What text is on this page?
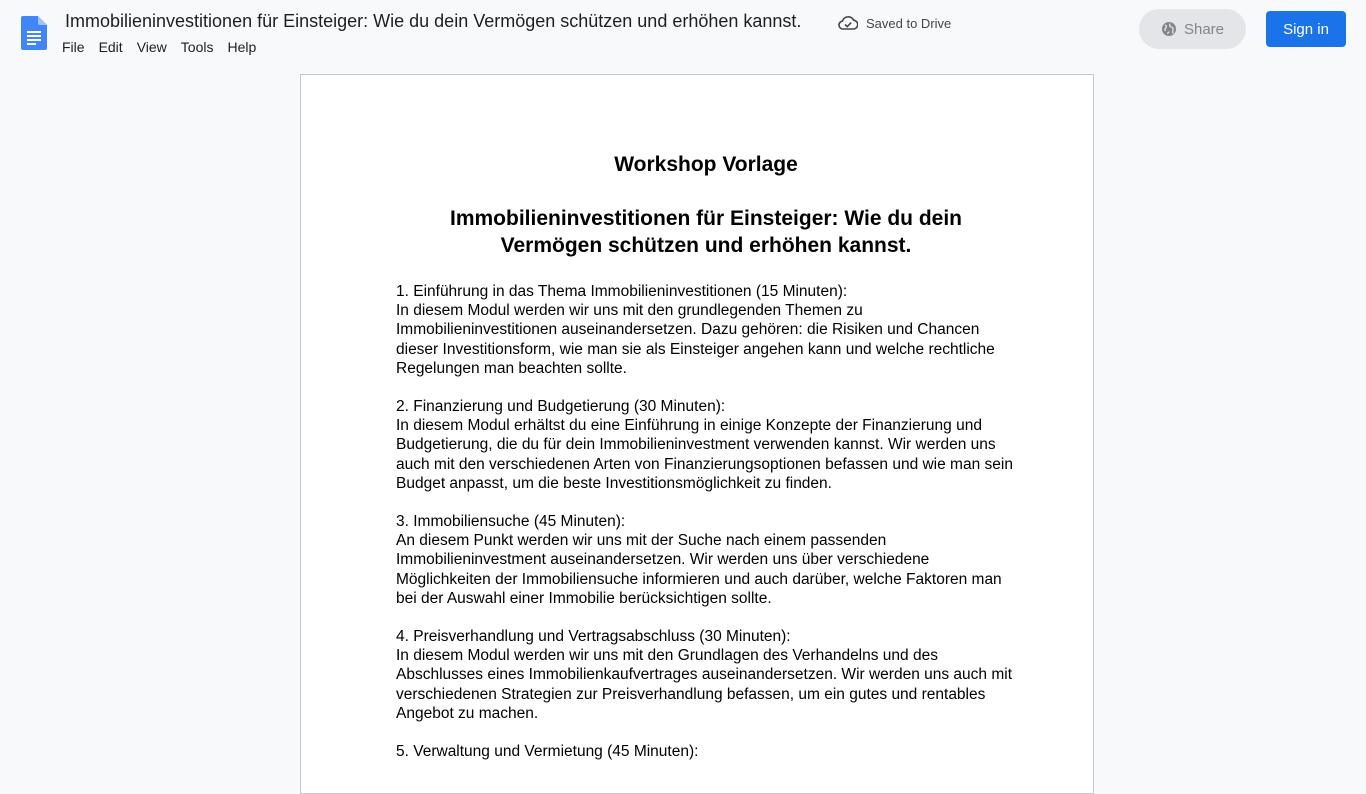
Immobilieninvestitionen für Einsteiger: Wie du dein Vermögen schützen und erhöhen kannst.	Saved to Drive
File	Edit	View	Tools	Help
Share	Sign in
Workshop Vorlage
Immobilieninvestitionen für Einsteiger: Wie du dein Vermögen schützen und erhöhen kannst.

1. Einführung in das Thema Immobilieninvestitionen (15 Minuten):

In diesem Modul werden wir uns mit den grundlegenden Themen zu Immobilieninvestitionen auseinandersetzen. Dazu gehören: die Risiken und Chancen dieser Investitionsform, wie man sie als Einsteiger angehen kann und welche rechtliche Regelungen man beachten sollte.

2. Finanzierung und Budgetierung (30 Minuten):

In diesem Modul erhältst du eine Einführung in einige Konzepte der Finanzierung und Budgetierung, die du für dein Immobilieninvestment verwenden kannst. Wir werden uns auch mit den verschiedenen Arten von Finanzierungsoptionen befassen und wie man sein Budget anpasst, um die beste Investitionsmöglichkeit zu finden.

3. Immobiliensuche (45 Minuten):

An diesem Punkt werden wir uns mit der Suche nach einem passenden Immobilieninvestment auseinandersetzen. Wir werden uns über verschiedene Möglichkeiten der Immobiliensuche informieren und auch darüber, welche Faktoren man bei der Auswahl einer Immobilie berücksichtigen sollte.

4. Preisverhandlung und Vertragsabschluss (30 Minuten):

In diesem Modul werden wir uns mit den Grundlagen des Verhandelns und des Abschlusses eines Immobilienkaufvertrages auseinandersetzen. Wir werden uns auch mit verschiedenen Strategien zur Preisverhandlung befassen, um ein gutes und rentables Angebot zu machen.

5. Verwaltung und Vermietung (45 Minuten):
